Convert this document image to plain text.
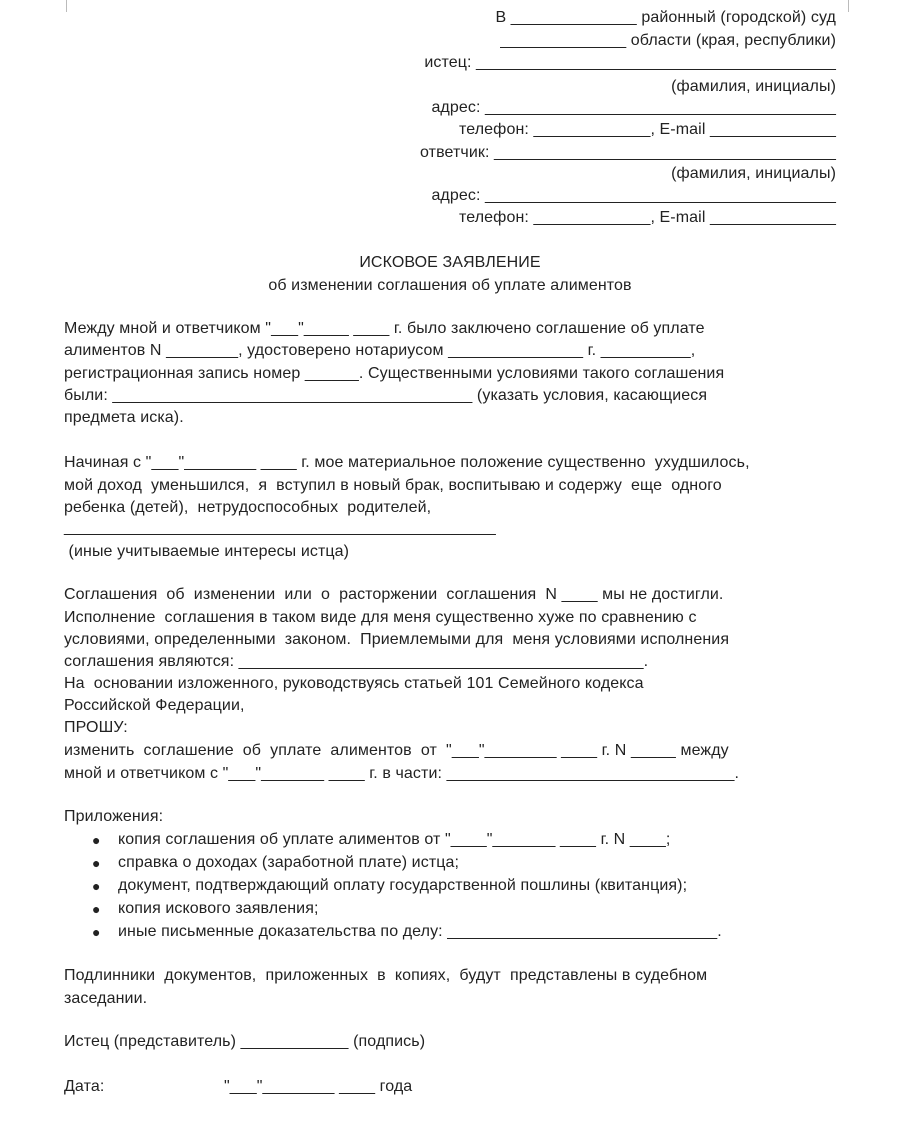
В ______________ районный (городской) суд
______________ области (края, республики)
истец: ________________________________________
(фамилия, инициалы)
адрес: _______________________________________
телефон: _____________, E-mail ______________
ответчик: ______________________________________
(фамилия, инициалы)
адрес: _______________________________________
телефон: _____________, E-mail ______________
ИСКОВОЕ ЗАЯВЛЕНИЕ
об изменении соглашения об уплате алиментов
Между мной и ответчиком "___"_____ ____ г. было заключено соглашение об уплате
алиментов N ________, удостоверено нотариусом _______________ г. __________,
регистрационная запись номер ______. Существенными условиями такого соглашения
были: ________________________________________ (указать условия, касающиеся
предмета иска).
Начиная с "___"________ ____ г. мое материальное положение существенно  ухудшилось,
мой доход  уменьшился,  я  вступил в новый брак, воспитываю и содержу  еще  одного
ребенка (детей),  нетрудоспособных  родителей,
________________________________________________
(иные учитываемые интересы истца)
Соглашения  об  изменении  или  о  расторжении  соглашения  N ____ мы не достигли.
Исполнение  соглашения в таком виде для меня существенно хуже по сравнению с
условиями, определенными  законом.  Приемлемыми для  меня условиями исполнения
соглашения являются: _____________________________________________.
На  основании изложенного, руководствуясь статьей 101 Семейного кодекса
Российской Федерации,
ПРОШУ:
изменить  соглашение  об  уплате  алиментов  от  "___"________ ____ г. N _____ между
мной и ответчиком с "___"_______ ____ г. в части: ________________________________.
Приложения:
● копия соглашения об уплате алиментов от "____"_______ ____ г. N ____;
● справка о доходах (заработной плате) истца;
● документ, подтверждающий оплату государственной пошлины (квитанция);
● копия искового заявления;
● иные письменные доказательства по делу: ______________________________.
Подлинники  документов,  приложенных  в  копиях,  будут  представлены в судебном
заседании.
Истец (представитель) ____________ (подпись)
Дата:	"___"________ ____ года
